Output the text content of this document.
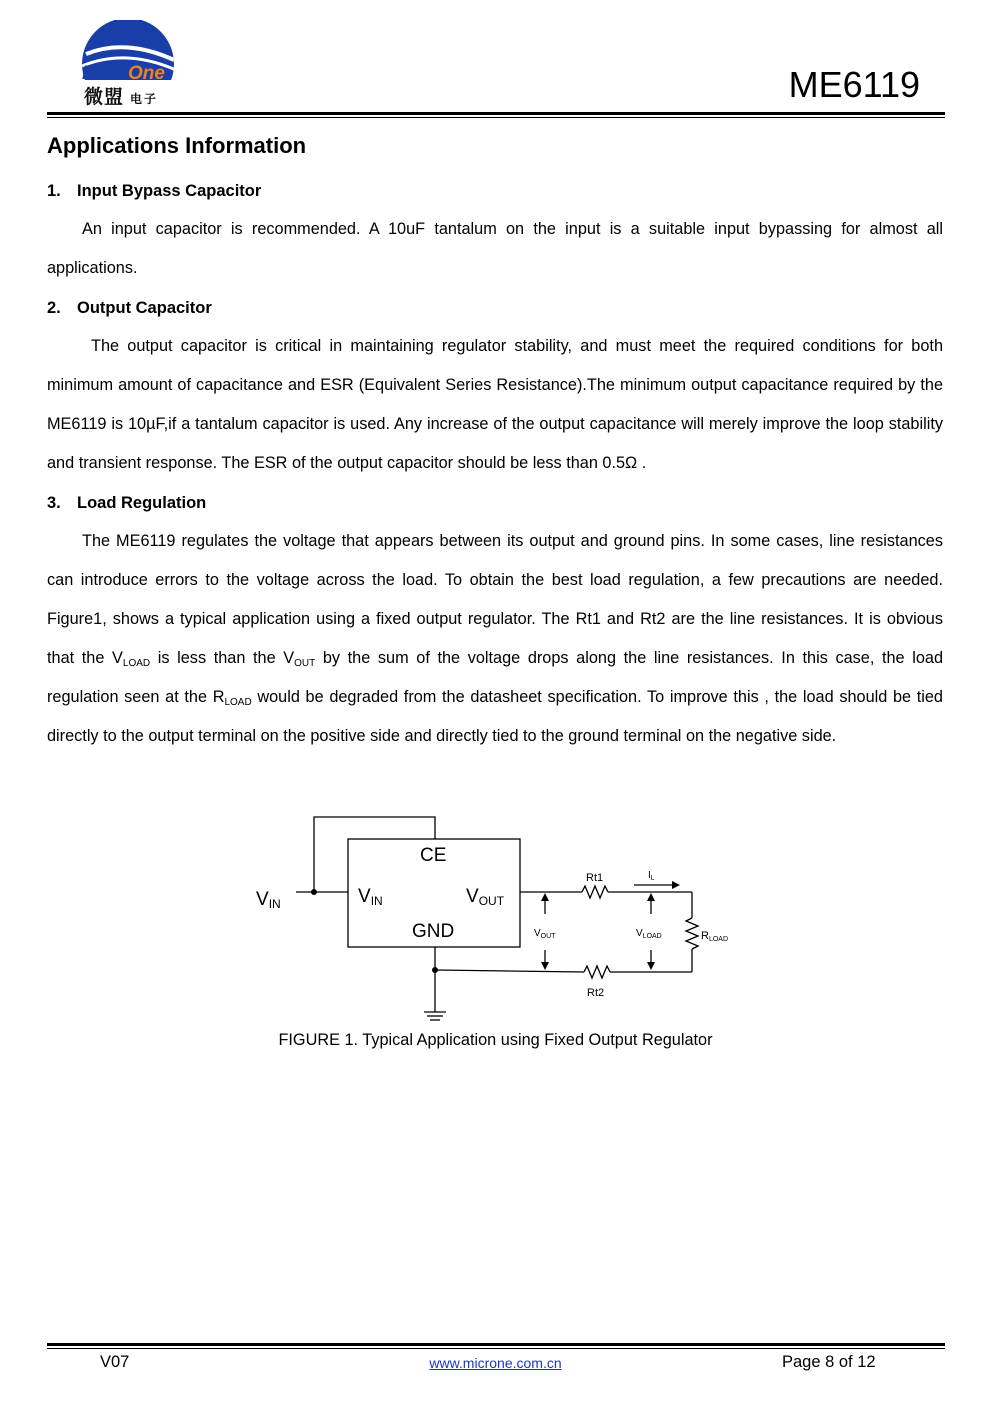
Micr One
微盟 电子	ME6119
Applications Information
1. Input Bypass Capacitor
An input capacitor is recommended. A 10uF tantalum on the input is a suitable input bypassing for almost all applications.
2. Output Capacitor
The output capacitor is critical in maintaining regulator stability, and must meet the required conditions for both minimum amount of capacitance and ESR (Equivalent Series Resistance).The minimum output capacitance required by the ME6119 is 10µF,if a tantalum capacitor is used. Any increase of the output capacitance will merely improve the loop stability and transient response. The ESR of the output capacitor should be less than 0.5Ω .
3. Load Regulation
The ME6119 regulates the voltage that appears between its output and ground pins. In some cases, line resistances can introduce errors to the voltage across the load. To obtain the best load regulation, a few precautions are needed. Figure1, shows a typical application using a fixed output regulator. The Rt1 and Rt2 are the line resistances. It is obvious that the $V_{LOAD}$ is less than the $V_{OUT}$ by the sum of the voltage drops along the line resistances. In this case, the load regulation seen at the $R_{LOAD}$ would be degraded from the datasheet specification. To improve this , the load should be tied directly to the output terminal on the positive side and directly tied to the ground terminal on the negative side.
VIN
CE
VIN	VOUT
GND
Rt1
Rt2
$I_L$
$V_{OUT}$	$V_{LOAD}$	RLOAD
FIGURE 1. Typical Application using Fixed Output Regulator
V07	www.microne.com.cn	Page 8 of 12
